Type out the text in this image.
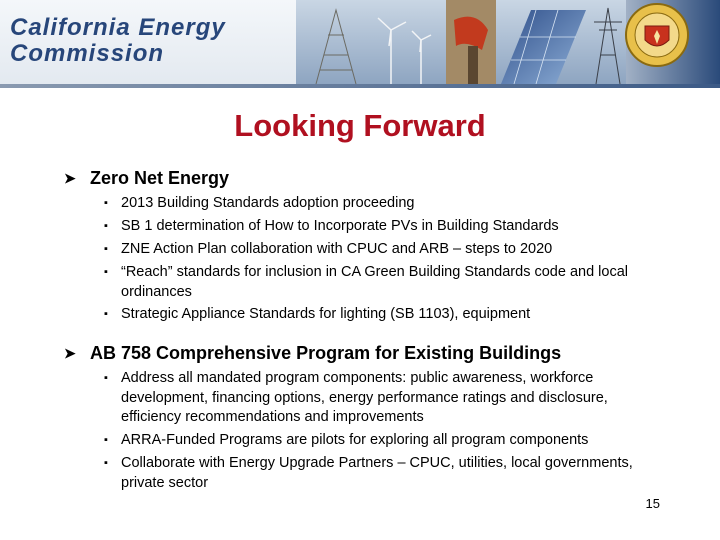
California Energy
Commission
Looking Forward
➤ Zero Net Energy
▪ 2013 Building Standards adoption proceeding
▪ SB 1 determination of How to Incorporate PVs in Building Standards
▪ ZNE Action Plan collaboration with CPUC and ARB – steps to 2020
▪ “Reach” standards for inclusion in CA Green Building Standards code and local ordinances
▪ Strategic Appliance Standards for lighting (SB 1103), equipment
➤ AB 758 Comprehensive Program for Existing Buildings
▪ Address all mandated program components: public awareness, workforce development, financing options, energy performance ratings and disclosure, efficiency recommendations and improvements
▪ ARRA-Funded Programs are pilots for exploring all program components
▪ Collaborate with Energy Upgrade Partners – CPUC, utilities, local governments, private sector
15
